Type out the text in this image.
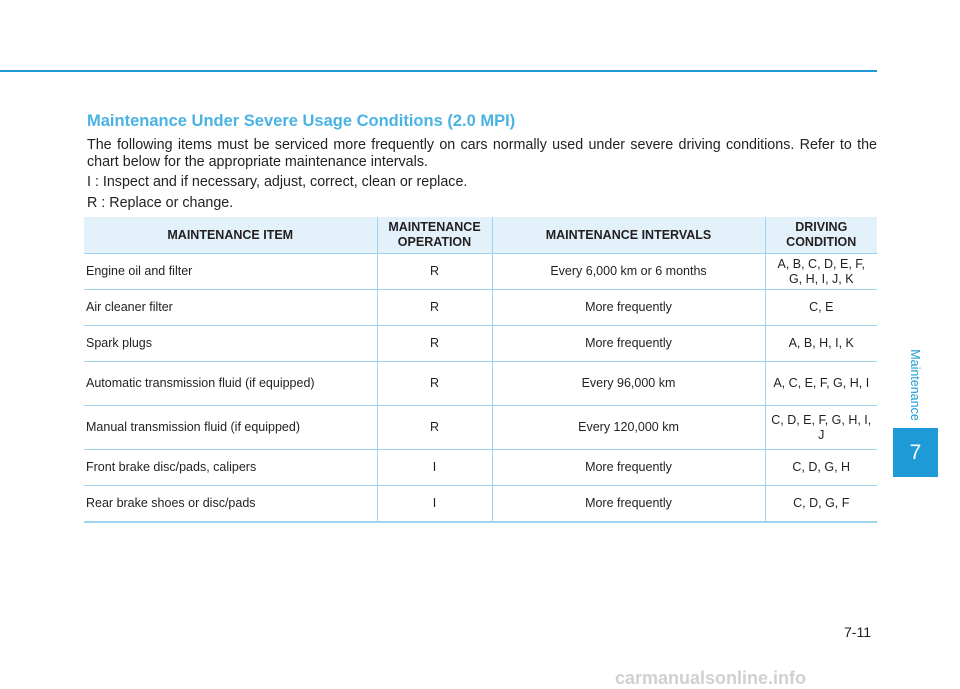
Maintenance Under Severe Usage Conditions (2.0 MPI)

The following items must be serviced more frequently on cars normally used under severe driving conditions. Refer to the chart below for the appropriate maintenance intervals.

I : Inspect and if necessary, adjust, correct, clean or replace.

R : Replace or change.

MAINTENANCE ITEM	MAINTENANCE OPERATION	MAINTENANCE INTERVALS	DRIVING CONDITION
Engine oil and filter	R	Every 6,000 km or 6 months	A, B, C, D, E, F, G, H, I, J, K
Air cleaner filter	R	More frequently	C, E
Spark plugs	R	More frequently	A, B, H, I, K
Automatic transmission fluid (if equipped)	R	Every 96,000 km	A, C, E, F, G, H, I
Manual transmission fluid (if equipped)	R	Every 120,000 km	C, D, E, F, G, H, I, J
Front brake disc/pads, calipers	I	More frequently	C, D, G, H
Rear brake shoes or disc/pads	I	More frequently	C, D, G, F
Maintenance
7
7-11
carmanualsonline.info
